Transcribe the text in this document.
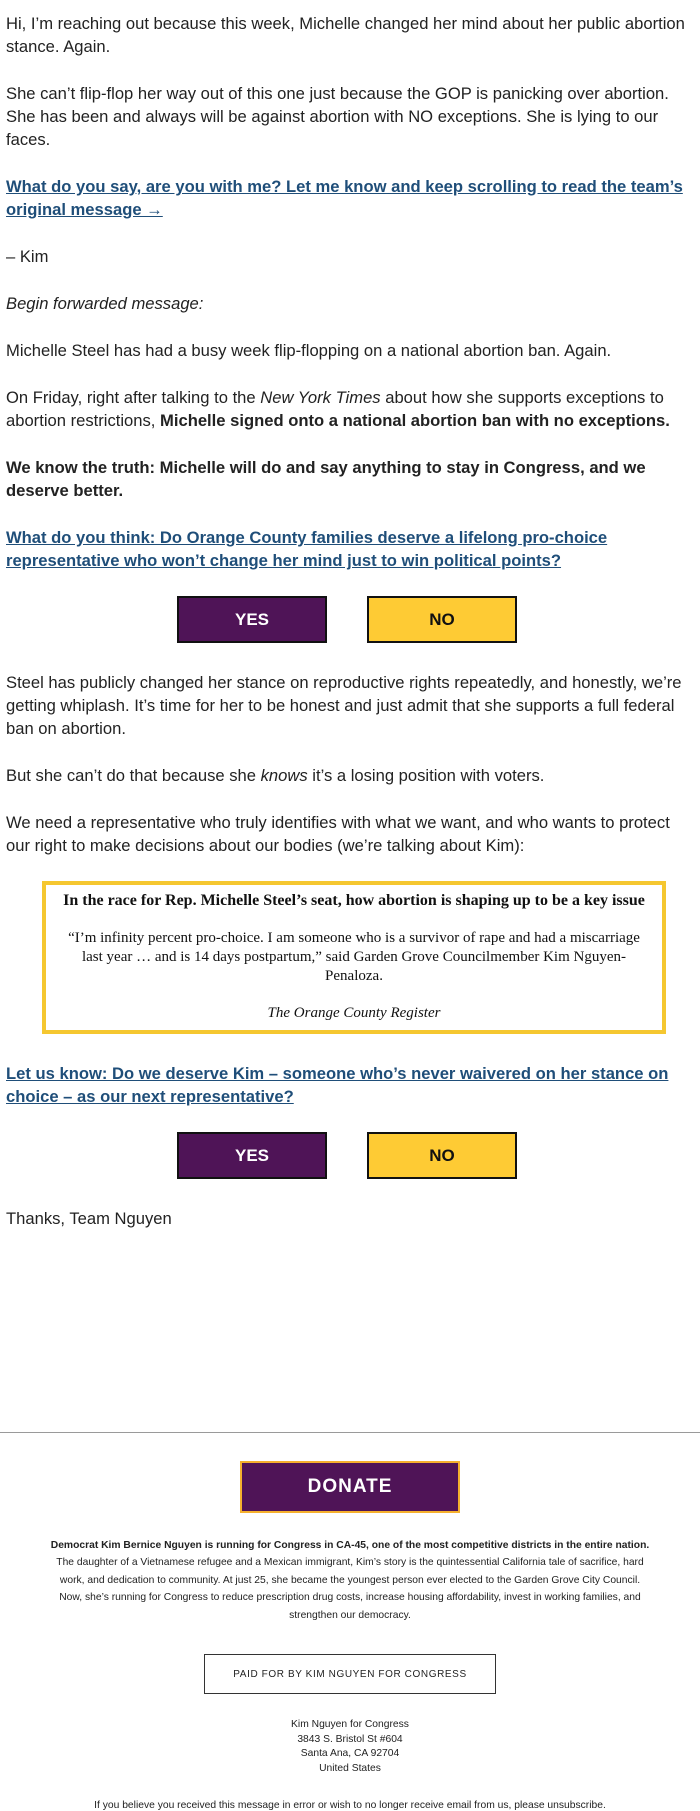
Hi, I’m reaching out because this week, Michelle changed her mind about her public abortion stance. Again.

She can’t flip-flop her way out of this one just because the GOP is panicking over abortion. She has been and always will be against abortion with NO exceptions. She is lying to our faces.

What do you say, are you with me? Let me know and keep scrolling to read the team’s original message →

– Kim

Begin forwarded message:

Michelle Steel has had a busy week flip-flopping on a national abortion ban. Again.

On Friday, right after talking to the New York Times about how she supports exceptions to abortion restrictions, Michelle signed onto a national abortion ban with no exceptions.

We know the truth: Michelle will do and say anything to stay in Congress, and we deserve better.

What do you think: Do Orange County families deserve a lifelong pro-choice representative who won’t change her mind just to win political points?

YES	NO

Steel has publicly changed her stance on reproductive rights repeatedly, and honestly, we’re getting whiplash. It’s time for her to be honest and just admit that she supports a full federal ban on abortion.

But she can’t do that because she knows it’s a losing position with voters.

We need a representative who truly identifies with what we want, and who wants to protect our right to make decisions about our bodies (we’re talking about Kim):

In the race for Rep. Michelle Steel’s seat, how abortion is shaping up to be a key issue
“I’m infinity percent pro-choice. I am someone who is a survivor of rape and had a miscarriage last year … and is 14 days postpartum,” said Garden Grove Councilmember Kim Nguyen-Penaloza.
The Orange County Register

Let us know: Do we deserve Kim – someone who’s never waivered on her stance on choice – as our next representative?

YES	NO

Thanks, Team Nguyen

DONATE
Democrat Kim Bernice Nguyen is running for Congress in CA-45, one of the most competitive districts in the entire nation. The daughter of a Vietnamese refugee and a Mexican immigrant, Kim’s story is the quintessential California tale of sacrifice, hard work, and dedication to community. At just 25, she became the youngest person ever elected to the Garden Grove City Council. Now, she’s running for Congress to reduce prescription drug costs, increase housing affordability, invest in working families, and strengthen our democracy.
PAID FOR BY KIM NGUYEN FOR CONGRESS
Kim Nguyen for Congress
3843 S. Bristol St #604
Santa Ana, CA 92704
United States
If you believe you received this message in error or wish to no longer receive email from us, please unsubscribe.
